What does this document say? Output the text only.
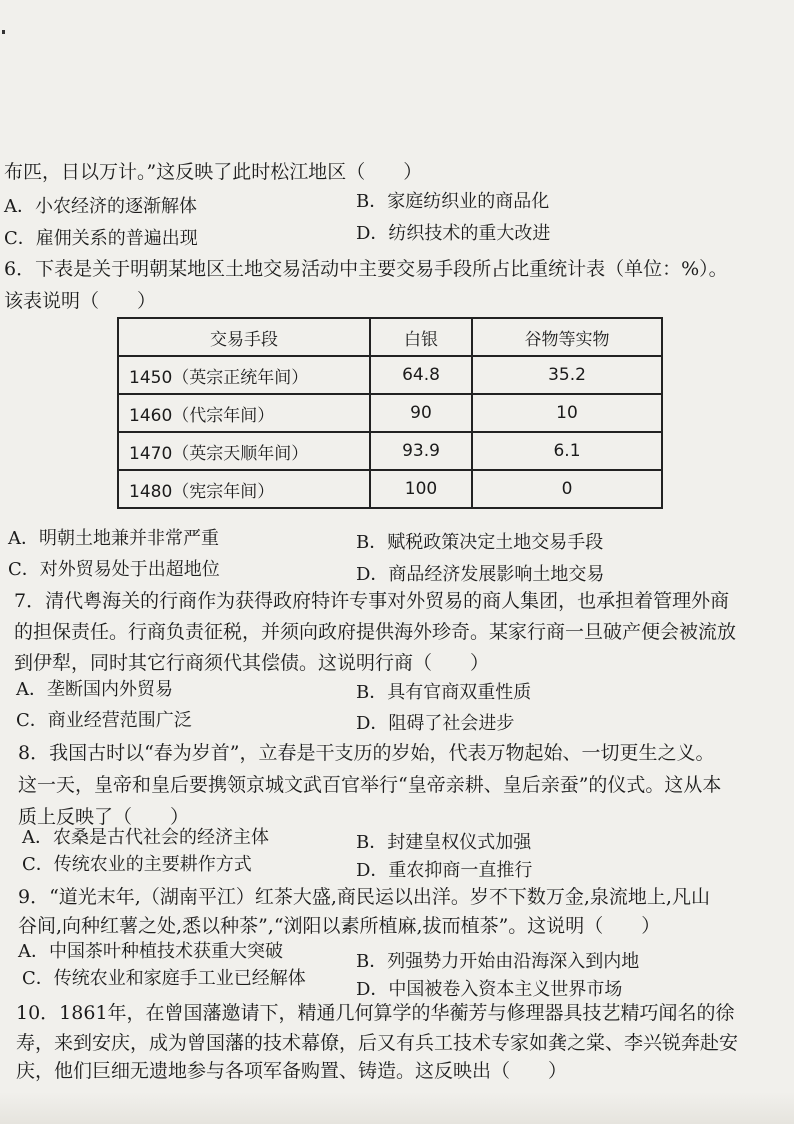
布匹，日以万计。”这反映了此时松江地区（　　）
A．小农经济的逐渐解体	B．家庭纺织业的商品化
C．雇佣关系的普遍出现	D．纺织技术的重大改进
6．下表是关于明朝某地区土地交易活动中主要交易手段所占比重统计表（单位：%）。
该表说明（　　）
交易手段	白银	谷物等实物
1450（英宗正统年间）	64.8	35.2
1460（代宗年间）	90	10
1470（英宗天顺年间）	93.9	6.1
1480（宪宗年间）	100	0
A．明朝土地兼并非常严重	B．赋税政策决定土地交易手段
C．对外贸易处于出超地位	D．商品经济发展影响土地交易
7．清代粤海关的行商作为获得政府特许专事对外贸易的商人集团，也承担着管理外商
的担保责任。行商负责征税，并须向政府提供海外珍奇。某家行商一旦破产便会被流放
到伊犁，同时其它行商须代其偿债。这说明行商（　　）
A．垄断国内外贸易	B．具有官商双重性质
C．商业经营范围广泛	D．阻碍了社会进步
8．我国古时以“春为岁首”，立春是干支历的岁始，代表万物起始、一切更生之义。
这一天，皇帝和皇后要携领京城文武百官举行“皇帝亲耕、皇后亲蚕”的仪式。这从本
质上反映了（　　）
A．农桑是古代社会的经济主体	B．封建皇权仪式加强
C．传统农业的主要耕作方式	D．重农抑商一直推行
9．“道光末年,（湖南平江）红茶大盛,商民运以出洋。岁不下数万金,泉流地上,凡山
谷间,向种红薯之处,悉以种茶”,“浏阳以素所植麻,拔而植茶”。这说明（　　）
A．中国茶叶种植技术获重大突破	B．列强势力开始由沿海深入到内地
C．传统农业和家庭手工业已经解体
D．中国被卷入资本主义世界市场
10．1861年，在曾国藩邀请下，精通几何算学的华蘅芳与修理器具技艺精巧闻名的徐
寿，来到安庆，成为曾国藩的技术幕僚，后又有兵工技术专家如龚之棠、李兴锐奔赴安
庆，他们巨细无遗地参与各项军备购置、铸造。这反映出（　　）
